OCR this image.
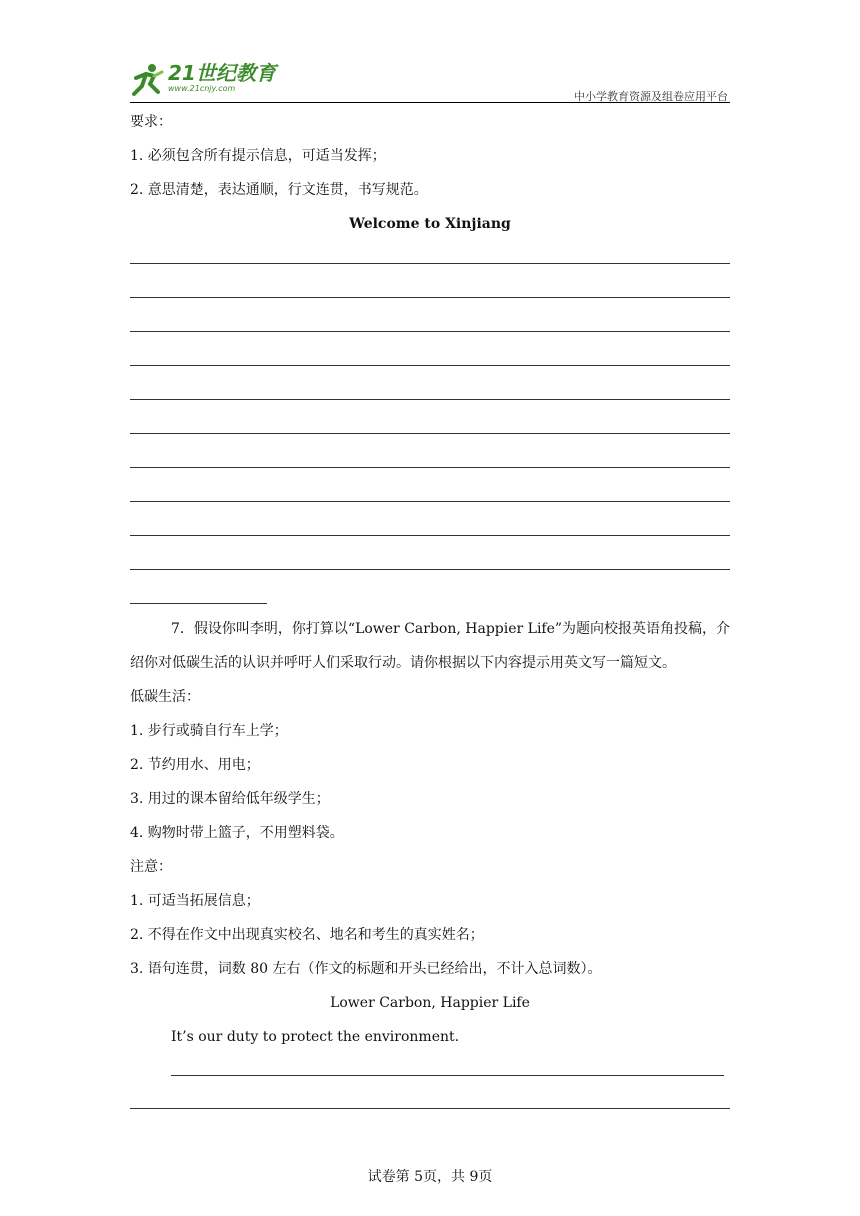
21世纪教育
www.21cnjy.com
中小学教育资源及组卷应用平台
要求：
1. 必须包含所有提示信息，可适当发挥；
2. 意思清楚，表达通顺，行文连贯，书写规范。
Welcome to Xinjiang
7．假设你叫李明，你打算以“Lower Carbon, Happier Life”为题向校报英语角投稿，介
绍你对低碳生活的认识并呼吁人们采取行动。请你根据以下内容提示用英文写一篇短文。
低碳生活：
1. 步行或骑自行车上学；
2. 节约用水、用电；
3. 用过的课本留给低年级学生；
4. 购物时带上篮子，不用塑料袋。
注意：
1. 可适当拓展信息；
2. 不得在作文中出现真实校名、地名和考生的真实姓名；
3. 语句连贯，词数 80 左右（作文的标题和开头已经给出，不计入总词数）。
Lower Carbon, Happier Life
It’s our duty to protect the environment.
试卷第 5页，共 9页
